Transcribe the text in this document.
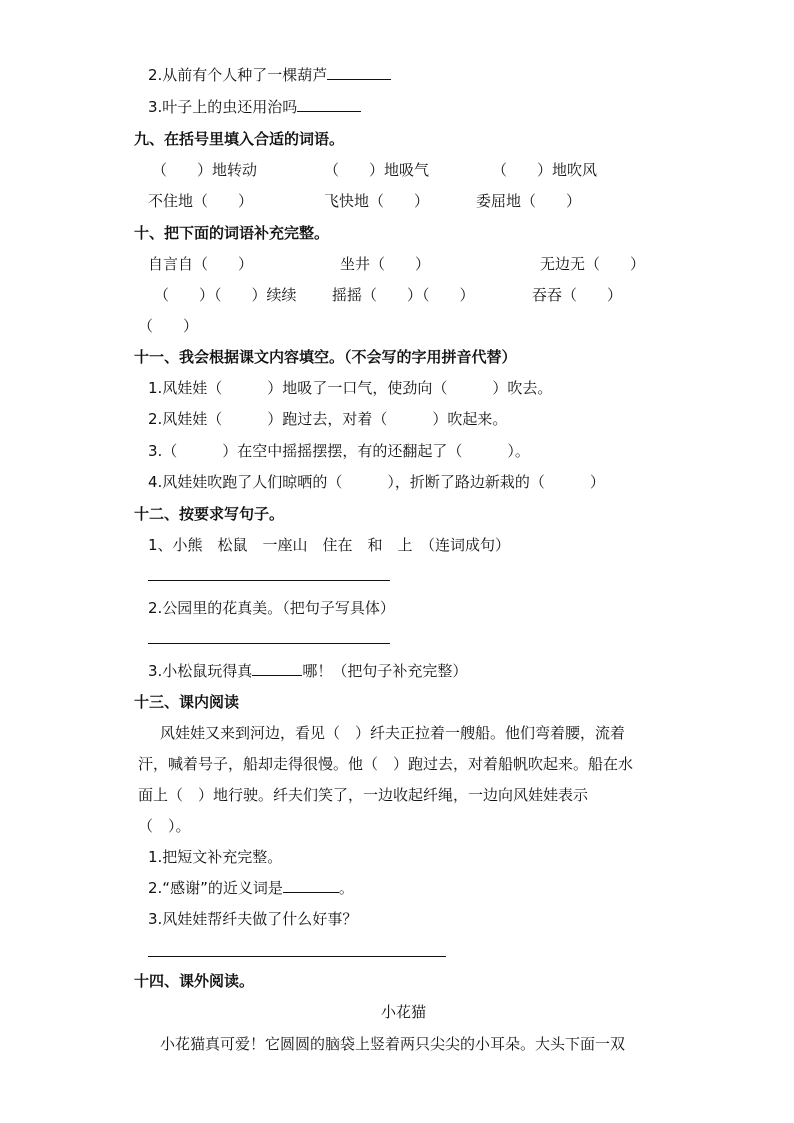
2.从前有个人种了一棵葫芦
3.叶子上的虫还用治吗
九、在括号里填入合适的词语。
（　　）地转动	（　　）地吸气	（　　）地吹风
不住地（　　）	飞快地（　　）	委屈地（　　）
十、把下面的词语补充完整。
自言自（　　）	坐井（　　）	无边无（　　）
（　　）（　　）续续 摇摇（　　）（　　）	吞吞（　　）
（　　）
十一、我会根据课文内容填空。（不会写的字用拼音代替）
1.风娃娃（　　　）地吸了一口气，使劲向（　　　）吹去。
2.风娃娃（　　　）跑过去，对着（　　　）吹起来。
3.（　　　）在空中摇摇摆摆，有的还翻起了（　　　）。
4.风娃娃吹跑了人们晾晒的（　　　），折断了路边新栽的（　　　）
十二、按要求写句子。
1、小熊　松鼠　一座山　住在　和　上　（连词成句）
2.公园里的花真美。（把句子写具体）
3.小松鼠玩得真	哪！（把句子补充完整）
十三、课内阅读
风娃娃又来到河边，看见（　）纤夫正拉着一艘船。他们弯着腰，流着
汗，喊着号子，船却走得很慢。他（　）跑过去，对着船帆吹起来。船在水
面上（　）地行驶。纤夫们笑了，一边收起纤绳，一边向风娃娃表示
（　）。
1.把短文补充完整。
2.“感谢”的近义词是	。
3.风娃娃帮纤夫做了什么好事？
十四、课外阅读。
小花猫
小花猫真可爱！它圆圆的脑袋上竖着两只尖尖的小耳朵。大头下面一双
